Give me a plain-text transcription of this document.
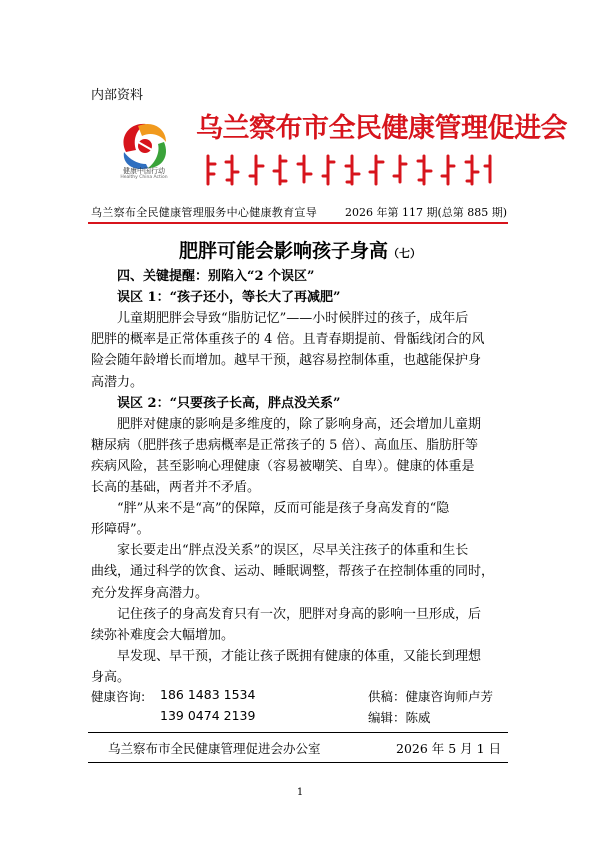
内部资料
健康中国行动
Healthy China Action
乌兰察布市全民健康管理促进会
乌兰察布全民健康管理服务中心健康教育宣导	2026 年第 117 期(总第 885 期)
肥胖可能会影响孩子身高（七）
四、关键提醒：别陷入“2 个误区”
误区 1：“孩子还小，等长大了再减肥”
儿童期肥胖会导致“脂肪记忆”——小时候胖过的孩子，成年后
肥胖的概率是正常体重孩子的 4 倍。且青春期提前、骨骺线闭合的风
险会随年龄增长而增加。越早干预，越容易控制体重，也越能保护身
高潜力。
误区 2：“只要孩子长高，胖点没关系”
肥胖对健康的影响是多维度的，除了影响身高，还会增加儿童期
糖尿病（肥胖孩子患病概率是正常孩子的 5 倍）、高血压、脂肪肝等
疾病风险，甚至影响心理健康（容易被嘲笑、自卑）。健康的体重是
长高的基础，两者并不矛盾。
“胖”从来不是“高”的保障，反而可能是孩子身高发育的“隐
形障碍”。
家长要走出“胖点没关系”的误区，尽早关注孩子的体重和生长
曲线，通过科学的饮食、运动、睡眠调整，帮孩子在控制体重的同时，
充分发挥身高潜力。
记住孩子的身高发育只有一次，肥胖对身高的影响一旦形成，后
续弥补难度会大幅增加。
早发现、早干预，才能让孩子既拥有健康的体重，又能长到理想
身高。
健康咨询: 186 1483 1534
139 0474 2139
供稿：健康咨询师卢芳
编辑：陈威
乌兰察布市全民健康管理促进会办公室	2026 年 5 月 1 日
1
